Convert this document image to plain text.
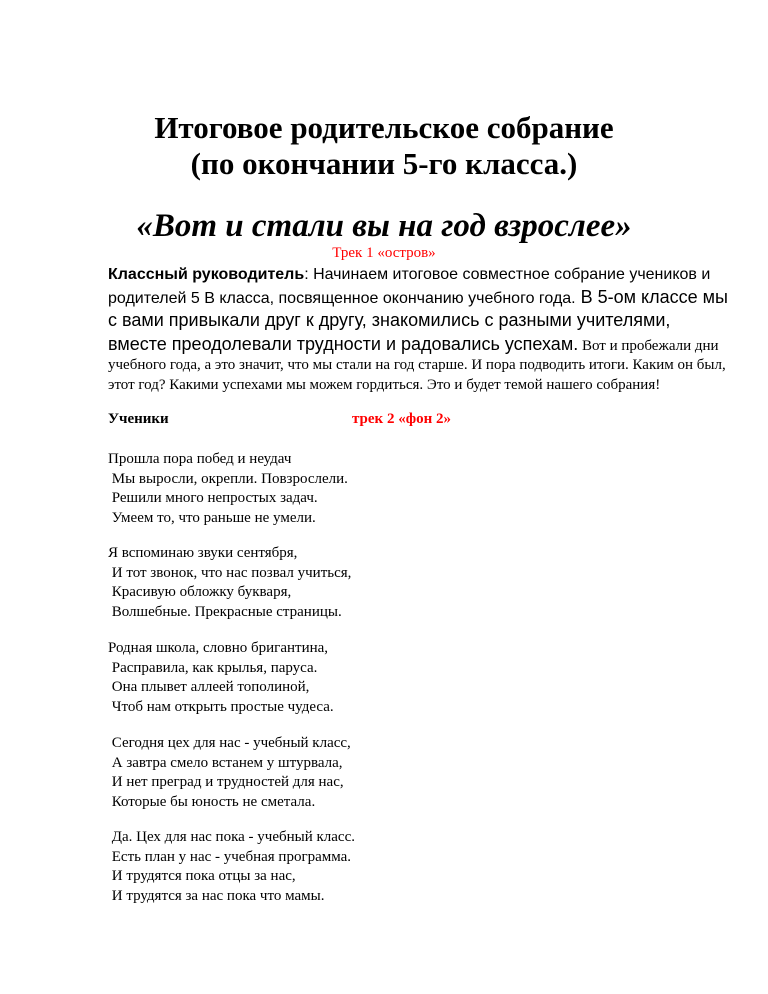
Итоговое родительское собрание
(по окончании 5-го класса.)
«Вот и стали вы на год взрослее»
Трек 1 «остров»
Классный руководитель: Начинаем итоговое совместное собрание учеников и родителей 5 В класса, посвященное окончанию учебного года. В 5-ом классе мы с вами привыкали друг к другу, знакомились с разными учителями, вместе преодолевали трудности и радовались успехам. Вот и пробежали дни учебного года, а это значит, что мы стали на год старше. И пора подводить итоги. Каким он был, этот год? Какими успехами мы можем гордиться. Это и будет темой нашего собрания!
Ученики	трек 2 «фон 2»
Прошла пора побед и неудач
Мы выросли, окрепли. Повзрослели.
Решили много непростых задач.
Умеем то, что раньше не умели.
Я вспоминаю звуки сентября,
И тот звонок, что нас позвал учиться,
Красивую обложку букваря,
Волшебные. Прекрасные страницы.
Родная школа, словно бригантина,
Расправила, как крылья, паруса.
Она плывет аллеей тополиной,
Чтоб нам открыть простые чудеса.
Сегодня цех для нас - учебный класс,
А завтра смело встанем у штурвала,
И нет преград и трудностей для нас,
Которые бы юность не сметала.
Да. Цех для нас пока - учебный класс.
Есть план у нас - учебная программа.
И трудятся пока отцы за нас,
И трудятся за нас пока что мамы.
